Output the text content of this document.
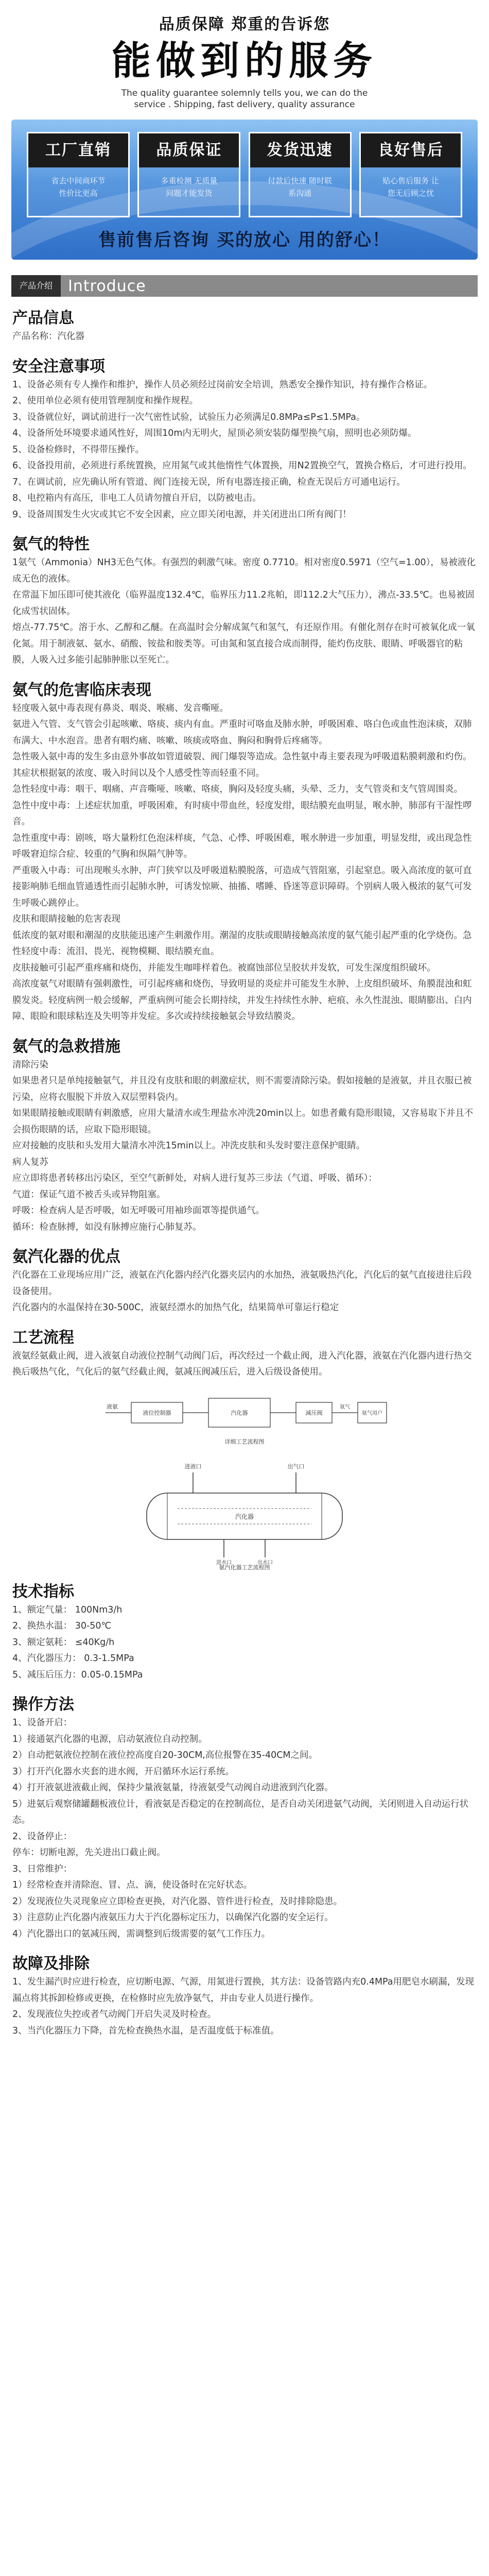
品质保障 郑重的告诉您
能做到的服务
The quality guarantee solemnly tells you, we can do the
service . Shipping, fast delivery, quality assurance
工厂直销
省去中间商环节
性价比更高
品质保证
多重检测 无质量
问题才能发货
发货迅速
付款后快速 随时联
系沟通
良好售后
贴心售后服务 让
您无后顾之忧
售前售后咨询 买的放心 用的舒心！
产品介绍	Introduce
产品信息

产品名称：汽化器

安全注意事项

1、设备必须有专人操作和维护，操作人员必须经过岗前安全培训，熟悉安全操作知识，持有操作合格证。

2、使用单位必须有使用管理制度和操作规程。

3、设备就位好，调试前进行一次气密性试验，试验压力必须满足0.8MPa≤P≤1.5MPa。

4、设备所处环境要求通风性好，周围10m内无明火，屋顶必须安装防爆型换气扇，照明也必须防爆。

5、设备检修时，不得带压操作。

6、设备投用前，必须进行系统置换，应用氮气或其他惰性气体置换，用N2置换空气，置换合格后，才可进行投用。

7、在调试前，应先确认所有管道、阀门连接无误，所有电器连接正确，检查无误后方可通电运行。

8、电控箱内有高压，非电工人员请勿擅自开启，以防被电击。

9、设备周围发生火灾或其它不安全因素，应立即关闭电源，并关闭进出口所有阀门！

氨气的特性

1氨气（Ammonia）NH3无色气体。有强烈的刺激气味。密度 0.7710。相对密度0.5971（空气=1.00），易被液化成无色的液体。

在常温下加压即可使其液化（临界温度132.4℃，临界压力11.2兆帕，即112.2大气压力），沸点-33.5℃。也易被固化成雪状固体。

熔点-77.75℃。溶于水、乙醇和乙醚。在高温时会分解成氮气和氢气，有还原作用。有催化剂存在时可被氧化成一氧化氮。用于制液氨、氨水、硝酸、铵盐和胺类等。可由氮和氢直接合成而制得，能灼伤皮肤、眼睛、呼吸器官的粘膜，人吸入过多能引起肺肿胀以至死亡。

氨气的危害临床表现

轻度吸入氨中毒表现有鼻炎、咽炎、喉痛、发音嘶哑。

氨进入气管、支气管会引起咳嗽、咯痰、痰内有血。严重时可咯血及肺水肿，呼吸困难、咯白色或血性泡沫痰，双肺布满大、中水泡音。患者有咽灼痛、咳嗽、咳痰或咯血、胸闷和胸骨后疼痛等。

急性吸入氨中毒的发生多由意外事故如管道破裂、阀门爆裂等造成。急性氨中毒主要表现为呼吸道粘膜刺激和灼伤。其症状根据氨的浓度、吸入时间以及个人感受性等而轻重不同。

急性轻度中毒：咽干、咽痛、声音嘶哑、咳嗽、咯痰，胸闷及轻度头痛，头晕、乏力，支气管炎和支气管周围炎。

急性中度中毒：上述症状加重，呼吸困难，有时痰中带血丝，轻度发绀，眼结膜充血明显，喉水肿，肺部有干湿性啰音。

急性重度中毒：剧咳，咯大量粉红色泡沫样痰，气急、心悸、呼吸困难，喉水肿进一步加重，明显发绀，或出现急性呼吸窘迫综合症、较重的气胸和纵隔气肿等。

严重吸入中毒：可出现喉头水肿、声门狭窄以及呼吸道粘膜脱落，可造成气管阻塞，引起窒息。吸入高浓度的氨可直接影响肺毛细血管通透性而引起肺水肿，可诱发惊厥、抽搐、嗜睡、昏迷等意识障碍。个别病人吸入极浓的氨气可发生呼吸心跳停止。

皮肤和眼睛接触的危害表现

低浓度的氨对眼和潮湿的皮肤能迅速产生刺激作用。潮湿的皮肤或眼睛接触高浓度的氨气能引起严重的化学烧伤。急性轻度中毒：流泪、畏光、视物模糊、眼结膜充血。

皮肤接触可引起严重疼痛和烧伤，并能发生咖啡样着色。被腐蚀部位呈胶状并发软，可发生深度组织破坏。

高浓度氨气对眼睛有强刺激性，可引起疼痛和烧伤，导致明显的炎症并可能发生水肿、上皮组织破坏、角膜混浊和虹膜发炎。轻度病例一般会缓解，严重病例可能会长期持续，并发生持续性水肿、疤痕、永久性混浊、眼睛膨出、白内障、眼睑和眼球粘连及失明等并发症。多次或持续接触氨会导致结膜炎。

氨气的急救措施

清除污染

如果患者只是单纯接触氨气，并且没有皮肤和眼的刺激症状，则不需要清除污染。假如接触的是液氨，并且衣服已被污染，应将衣服脱下并放入双层塑料袋内。

如果眼睛接触或眼睛有刺激感，应用大量清水或生理盐水冲洗20min以上。如患者戴有隐形眼镜，又容易取下并且不会损伤眼睛的话，应取下隐形眼镜。

应对接触的皮肤和头发用大量清水冲洗15min以上。冲洗皮肤和头发时要注意保护眼睛。

病人复苏

应立即将患者转移出污染区，至空气新鲜处，对病人进行复苏三步法（气道、呼吸、循环）：

气道：保证气道不被舌头或异物阻塞。

呼吸：检查病人是否呼吸，如无呼吸可用袖珍面罩等提供通气。

循环：检查脉搏，如没有脉搏应施行心肺复苏。

氨汽化器的优点

汽化器在工业现场应用广泛，液氨在汽化器内经汽化器夹层内的水加热，液氨吸热汽化，汽化后的氨气直接进往后段设备使用。

汽化器内的水温保持在30-500C，液氨经漂水的加热气化，结果简单可靠运行稳定

工艺流程

液氨经氨截止阀，进入液氨自动液位控制气动阀门后，再次经过一个截止阀，进入汽化器，液氨在汽化器内进行热交换后吸热气化，气化后的氨气经截止阀，氨减压阀减压后，进入后级设备使用。

液氨
液位控制器	汽化器	减压阀	氨气用户
氨气
详细工艺流程图
进液口	出气口
汽化器
进水口	出水口
氨汽化器工艺流程图
技术指标

1、额定气量： 100Nm3/h

2、换热水温： 30-50℃

3、额定氨耗： ≤40Kg/h

4、汽化器压力： 0.3-1.5MPa

5、减压后压力：0.05-0.15MPa

操作方法

1、设备开启：

1）接通氨汽化器的电源，启动氨液位自动控制。

2）自动把氨液位控制在液位控高度自20-30CM,高位报警在35-40CM之间。

3）打开汽化器水夹套的进水阀，开启循环水运行系统。

4）打开液氨进液截止阀，保持少量液氨量，待液氨受气动阀自动进液到汽化器。

5）进氨后观察储罐翻板液位计，看液氨是否稳定的在控制高位，是否自动关闭进氨气动阀，关闭则进入自动运行状态。

2、设备停止：

停车：切断电源，先关进出口截止阀。

3、日常维护：

1）经常检查并清除泡、冒、点、滴，使设备时在完好状态。

2）发现液位失灵现象应立即检查更换，对汽化器、管件进行检查，及时排除隐患。

3）注意防止汽化器内液氨压力大于汽化器标定压力，以确保汽化器的安全运行。

4）汽化器出口的氨减压阀，需调整到后级需要的氨气工作压力。

故障及排除

1、发生漏汽时应进行检查，应切断电源、气源，用氮进行置换，其方法：设备管路内充0.4MPa用肥皂水刷漏，发现漏点将其拆卸检修或更换，在检修时应先放净氨气，并由专业人员进行操作。

2、发现液位失控或者气动阀门开启失灵及时检查。

3、当汽化器压力下降，首先检查换热水温，是否温度低于标准值。
